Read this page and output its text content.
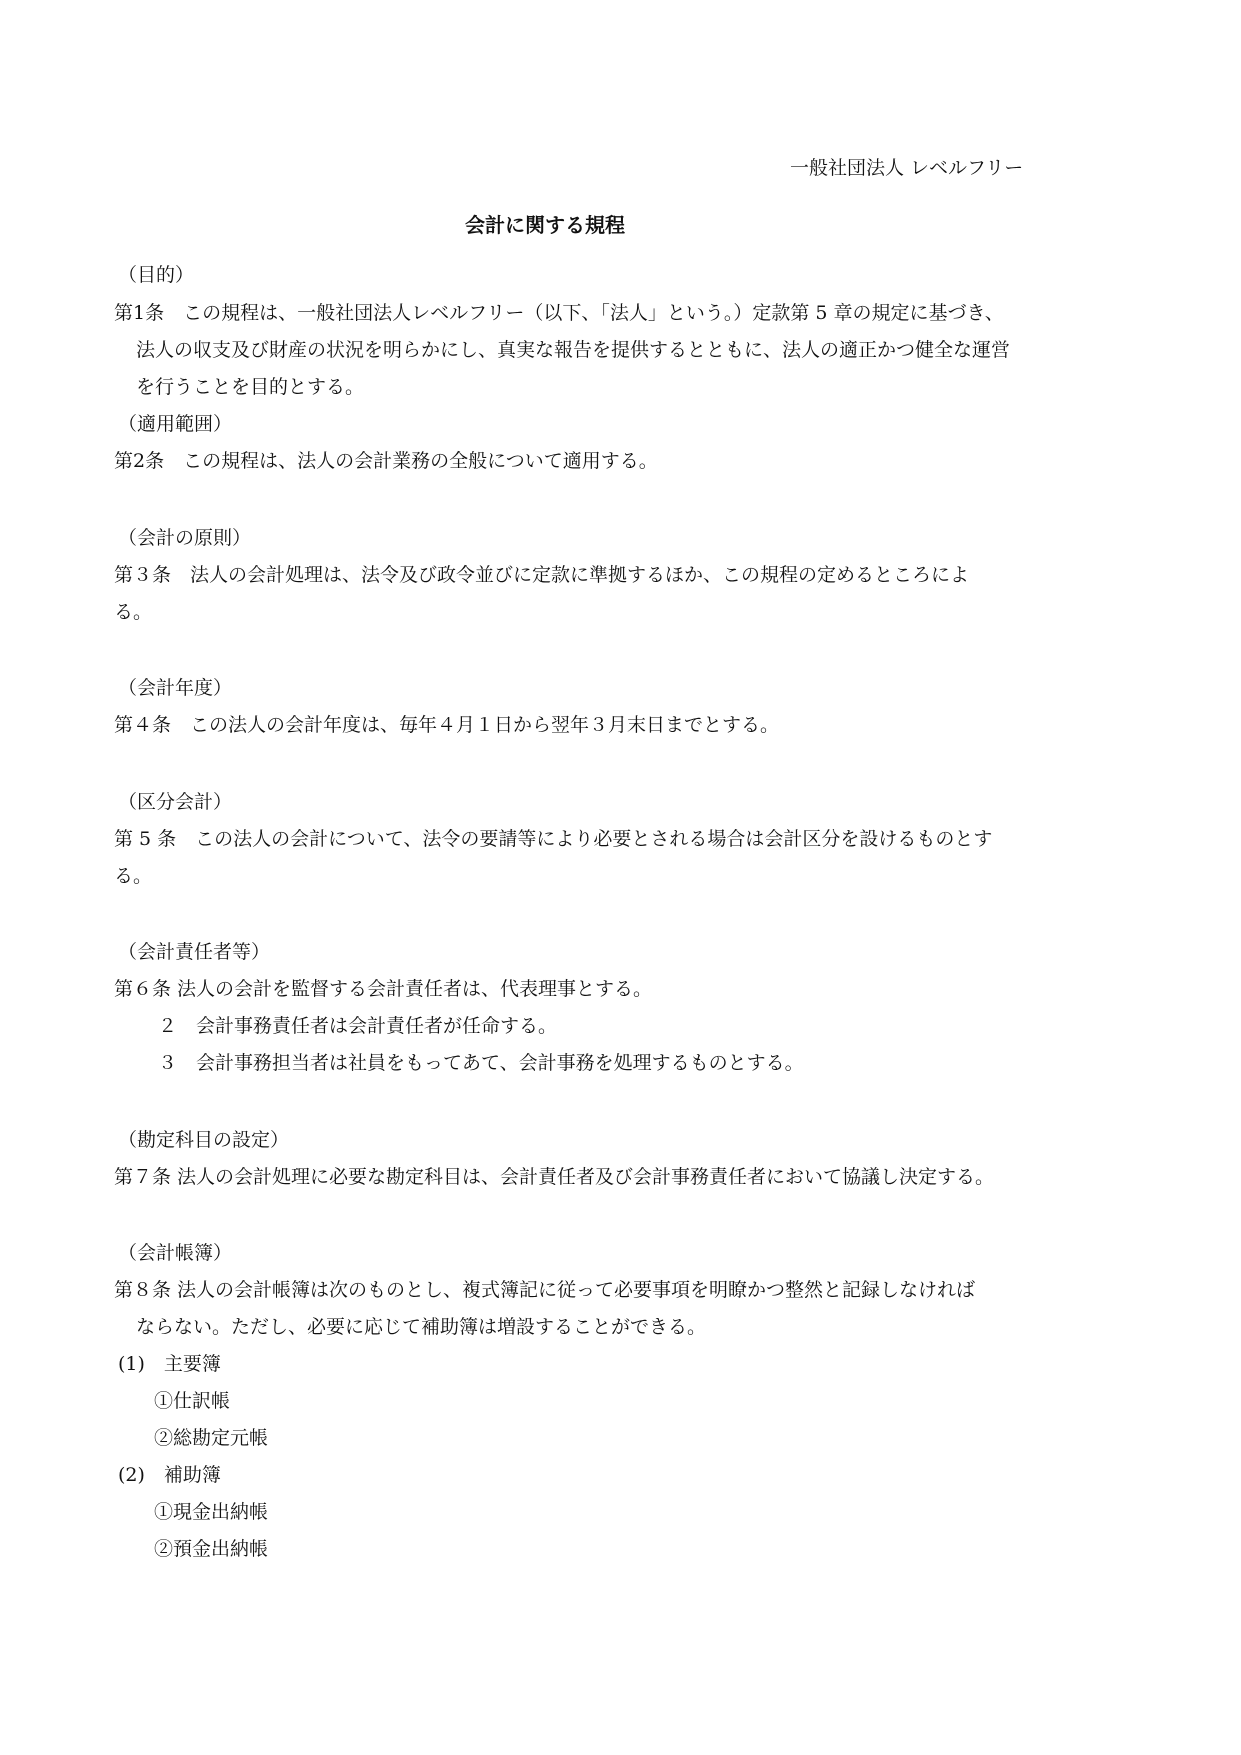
一般社団法人 レベルフリー
会計に関する規程
（目的）
第1条　この規程は、一般社団法人レベルフリー（以下、「法人」という。）定款第 5 章の規定に基づき、
法人の収支及び財産の状況を明らかにし、真実な報告を提供するとともに、法人の適正かつ健全な運営
を行うことを目的とする。
（適用範囲）
第2条　この規程は、法人の会計業務の全般について適用する。
（会計の原則）
第３条　法人の会計処理は、法令及び政令並びに定款に準拠するほか、この規程の定めるところによ
る。
（会計年度）
第４条　この法人の会計年度は、毎年４月１日から翌年３月末日までとする。
（区分会計）
第 5 条　この法人の会計について、法令の要請等により必要とされる場合は会計区分を設けるものとす
る。
（会計責任者等）
第６条 法人の会計を監督する会計責任者は、代表理事とする。
２　会計事務責任者は会計責任者が任命する。
３　会計事務担当者は社員をもってあて、会計事務を処理するものとする。
（勘定科目の設定）
第７条 法人の会計処理に必要な勘定科目は、会計責任者及び会計事務責任者において協議し決定する。
（会計帳簿）
第８条 法人の会計帳簿は次のものとし、複式簿記に従って必要事項を明瞭かつ整然と記録しなければ
ならない。ただし、必要に応じて補助簿は増設することができる。
(1)　主要簿
①仕訳帳
②総勘定元帳
(2)　補助簿
①現金出納帳
②預金出納帳
